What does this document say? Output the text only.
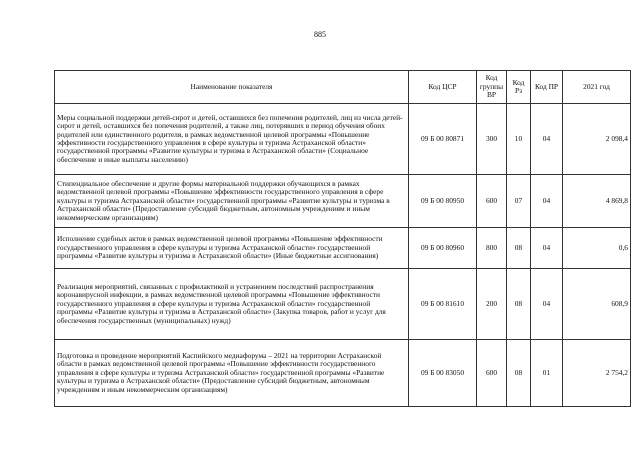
885
Наименование показателя	Код ЦСР	Код группы ВР	Код Рз	Код ПР	2021 год
Меры социальной поддержки детей-сирот и детей, оставшихся без попечения родителей, лиц из числа детей-сирот и детей, оставшихся без попечения родителей, а также лиц, потерявших в период обучения обоих родителей или единственного родителя, в рамках ведомственной целевой программы «Повышение эффективности государственного управления в сфере культуры и туризма Астраханской области» государственной программы «Развитие культуры и туризма в Астраханской области» (Социальное обеспечение и иные выплаты населению)	09 Б 00 80871	300	10	04	2 098,4
Стипендиальное обеспечение и другие формы материальной поддержки обучающихся в рамках ведомственной целевой программы «Повышение эффективности государственного управления в сфере культуры и туризма Астраханской области» государственной программы «Развитие культуры и туризма в Астраханской области» (Предоставление субсидий бюджетным, автономным учреждениям и иным некоммерческим организациям)	09 Б 00 80950	600	07	04	4 869,8
Исполнение судебных актов в рамках ведомственной целевой программы «Повышение эффективности государственного управления в сфере культуры и туризма Астраханской области» государственной программы «Развитие культуры и туризма в Астраханской области» (Иные бюджетные ассигнования)	09 Б 00 80960	800	08	04	0,6
Реализация мероприятий, связанных с профилактикой и устранением последствий распространения коронавирусной инфекции, в рамках ведомственной целевой программы «Повышение эффективности государственного управления в сфере культуры и туризма Астраханской области» государственной программы «Развитие культуры и туризма в Астраханской области» (Закупка товаров, работ и услуг для обеспечения государственных (муниципальных) нужд)	09 Б 00 81610	200	08	04	608,9
Подготовка и проведение мероприятий Каспийского медиафорума – 2021 на территории Астраханской области в рамках ведомственной целевой программы «Повышение эффективности государственного управления в сфере культуры и туризма Астраханской области» государственной программы «Развитие культуры и туризма в Астраханской области» (Предоставление субсидий бюджетным, автономным учреждениям и иным некоммерческим организациям)	09 Б 00 83050	600	08	01	2 754,2
